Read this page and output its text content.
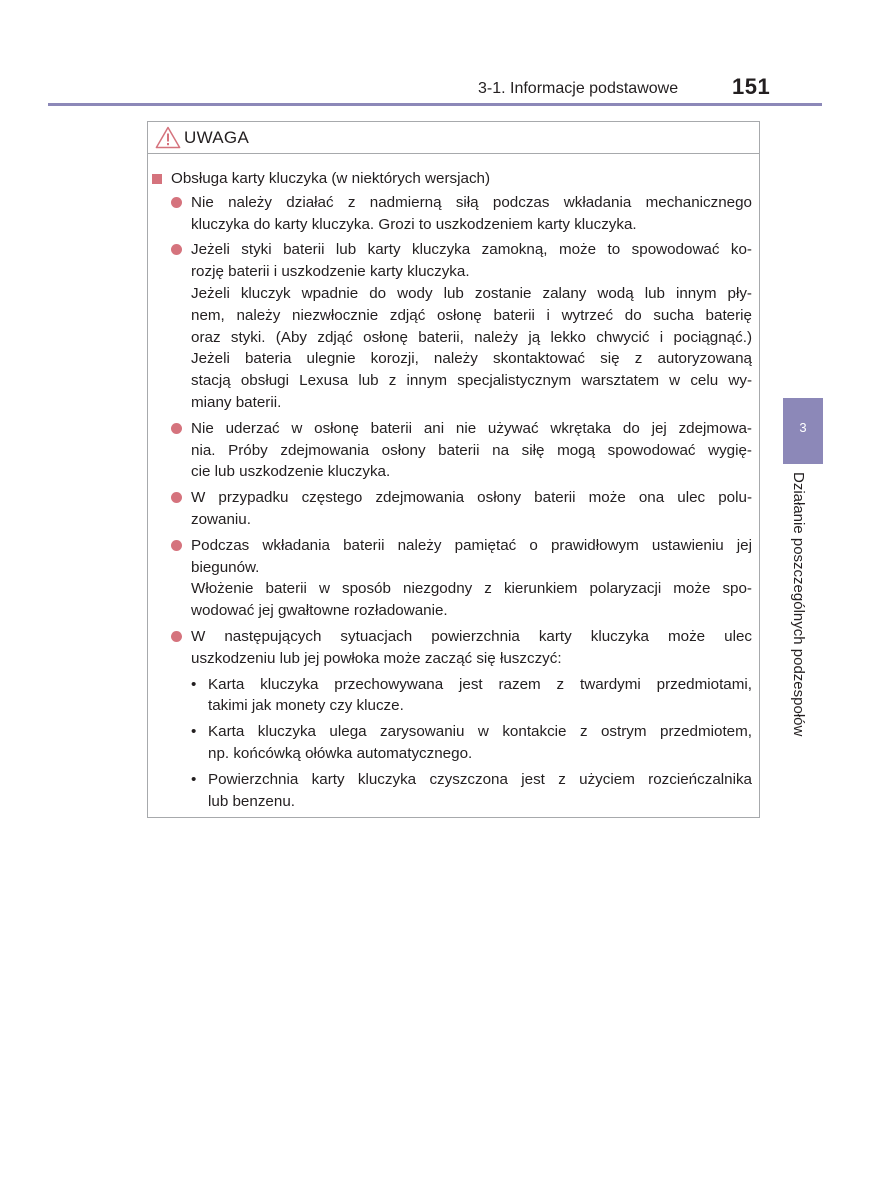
3-1. Informacje podstawowe 151
UWAGA
Obsługa karty kluczyka (w niektórych wersjach)
Nie należy działać z nadmierną siłą podczas wkładania mechanicznego
kluczyka do karty kluczyka. Grozi to uszkodzeniem karty kluczyka.
Jeżeli styki baterii lub karty kluczyka zamokną, może to spowodować ko-
rozję baterii i uszkodzenie karty kluczyka.
Jeżeli kluczyk wpadnie do wody lub zostanie zalany wodą lub innym pły-
nem, należy niezwłocznie zdjąć osłonę baterii i wytrzeć do sucha baterię
oraz styki. (Aby zdjąć osłonę baterii, należy ją lekko chwycić i pociągnąć.)
Jeżeli bateria ulegnie korozji, należy skontaktować się z autoryzowaną
stacją obsługi Lexusa lub z innym specjalistycznym warsztatem w celu wy-
miany baterii.
Nie uderzać w osłonę baterii ani nie używać wkrętaka do jej zdejmowa-
nia. Próby zdejmowania osłony baterii na siłę mogą spowodować wygię-
cie lub uszkodzenie kluczyka.
W przypadku częstego zdejmowania osłony baterii może ona ulec polu-
zowaniu.
Podczas wkładania baterii należy pamiętać o prawidłowym ustawieniu jej
biegunów.
Włożenie baterii w sposób niezgodny z kierunkiem polaryzacji może spo-
wodować jej gwałtowne rozładowanie.
W następujących sytuacjach powierzchnia karty kluczyka może ulec
uszkodzeniu lub jej powłoka może zacząć się łuszczyć:
• Karta kluczyka przechowywana jest razem z twardymi przedmiotami,
takimi jak monety czy klucze.
• Karta kluczyka ulega zarysowaniu w kontakcie z ostrym przedmiotem,
np. końcówką ołówka automatycznego.
• Powierzchnia karty kluczyka czyszczona jest z użyciem rozcieńczalnika
lub benzenu.
3
Działanie poszczególnych podzespołów
